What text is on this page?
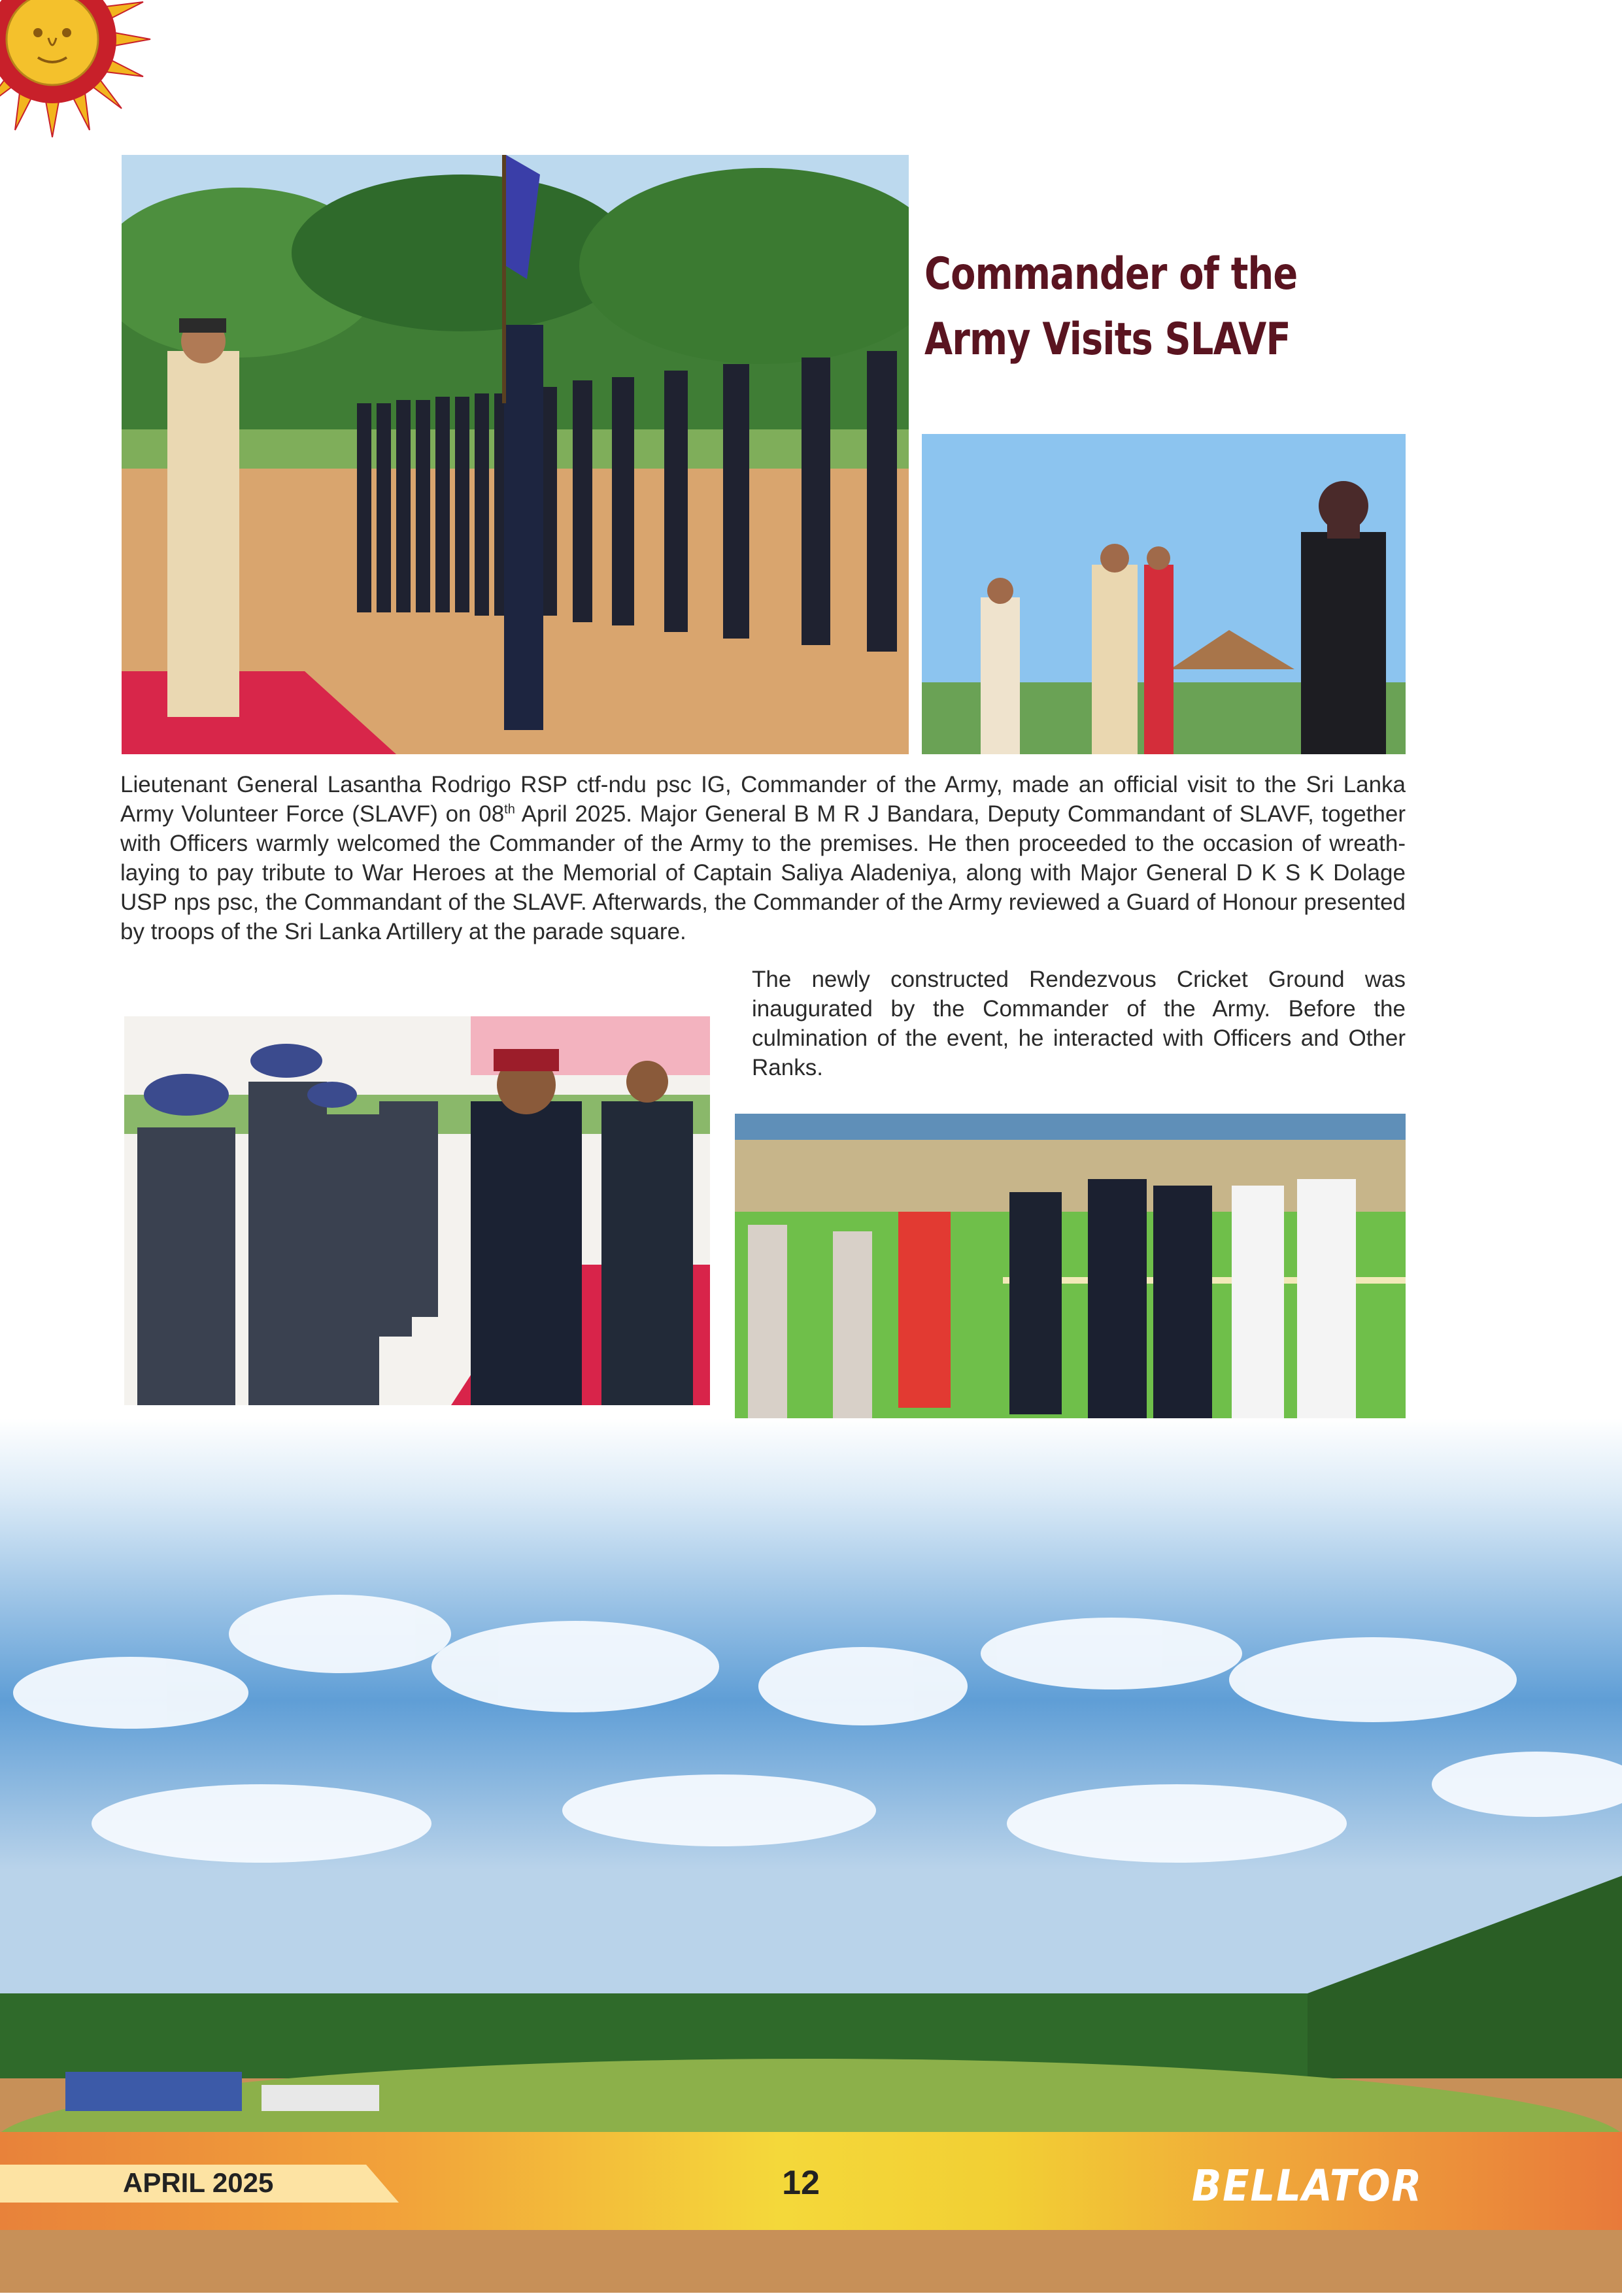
Commander of the
Army Visits SLAVF

Lieutenant General Lasantha Rodrigo RSP ctf-ndu psc IG, Commander of the Army, made an official visit to the Sri Lanka Army Volunteer Force (SLAVF) on 08th April 2025. Major General B M R J Bandara, Deputy Commandant of SLAVF, together with Officers warmly welcomed the Commander of the Army to the premises. He then proceeded to the occasion of wreath-laying to pay tribute to War Heroes at the Memorial of Captain Saliya Aladeniya, along with Major General D K S K Dolage USP nps psc, the Commandant of the SLAVF. Afterwards, the Commander of the Army reviewed a Guard of Honour presented by troops of the Sri Lanka Artillery at the parade square.

The newly constructed Rendezvous Cricket Ground was inaugurated by the Commander of the Army. Before the culmination of the event, he interacted with Officers and Other Ranks.

APRIL 2025	12	BELLATOR
